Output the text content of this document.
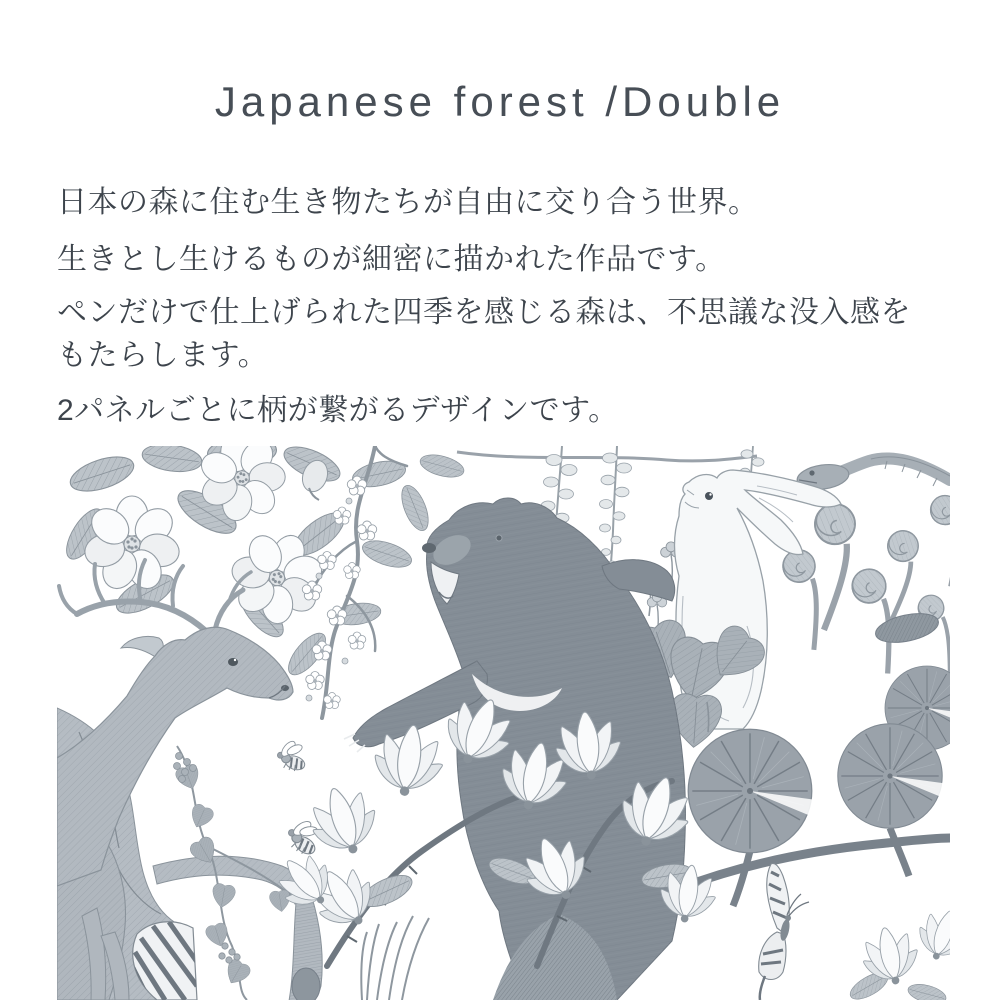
Japanese forest /Double
日本の森に住む生き物たちが自由に交り合う世界。
生きとし生けるものが細密に描かれた作品です。
ペンだけで仕上げられた四季を感じる森は、不思議な没入感を
もたらします。
2パネルごとに柄が繋がるデザインです。
